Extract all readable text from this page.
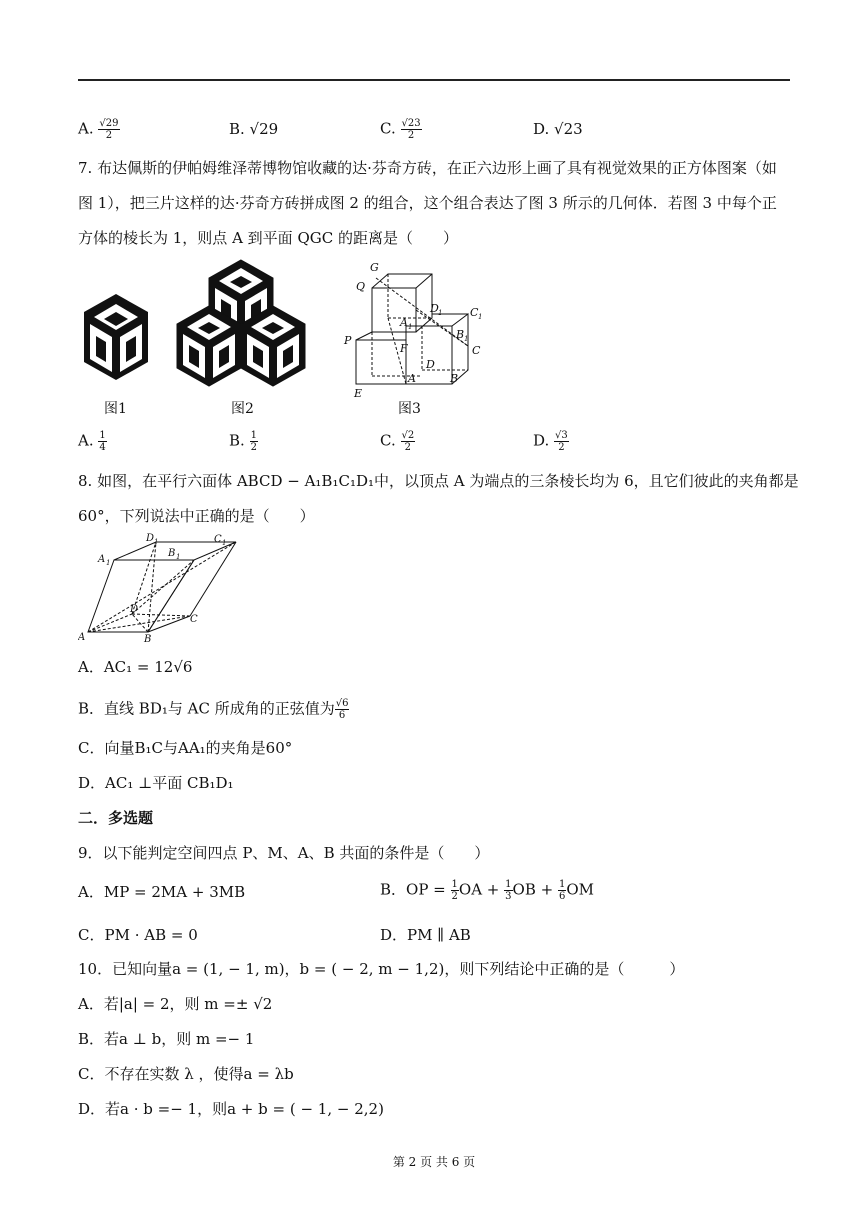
A. $\frac{√29}{2}$	B. √29	C. $\frac{√23}{2}$	D. √23
7. 布达佩斯的伊帕姆维泽蒂博物馆收藏的达·芬奇方砖，在正六边形上画了具有视觉效果的正方体图案（如
图 1），把三片这样的达·芬奇方砖拼成图 2 的组合，这个组合表达了图 3 所示的几何体．若图 3 中每个正
方体的棱长为 1，则点 A 到平面 QGC 的距离是（　　）
图1	图2
G
Q
D 1	C 1
A 1
B 1
P
F	C
D
E
A	B
图3
A. $\frac{1}{4}$	B. $\frac{1}{2}$	C. $\frac{√2}{2}$	D. $\frac{√3}{2}$
8. 如图，在平行六面体 ABCD − A₁B₁C₁D₁中，以顶点 A 为端点的三条棱长均为 6，且它们彼此的夹角都是
60°，下列说法中正确的是（　　）
A 1
D 1
B 1
C 1
D
A	B
C
A．AC₁ = 12√6
B．直线 BD₁与 AC 所成角的正弦值为 $\frac{√6}{6}$
C．向量B₁C与AA₁的夹角是60°
D．AC₁ ⊥平面 CB₁D₁
二．多选题
9．以下能判定空间四点 P、M、A、B 共面的条件是（　　）
A．MP = 2MA + 3MB	B．OP = $\frac{1}{2}$ OA + $\frac{1}{3}$ OB + $\frac{1}{6}$ OM
C．PM · AB = 0	D．PM ∥ AB
10．已知向量a = (1, − 1, m)，b = ( − 2, m − 1,2)，则下列结论中正确的是（　　　）
A．若|a| = 2，则 m =± √2
B．若a ⊥ b，则 m =− 1
C．不存在实数 λ ，使得a = λb
D．若a · b =− 1，则a + b = ( − 1, − 2,2)
第 2 页 共 6 页
